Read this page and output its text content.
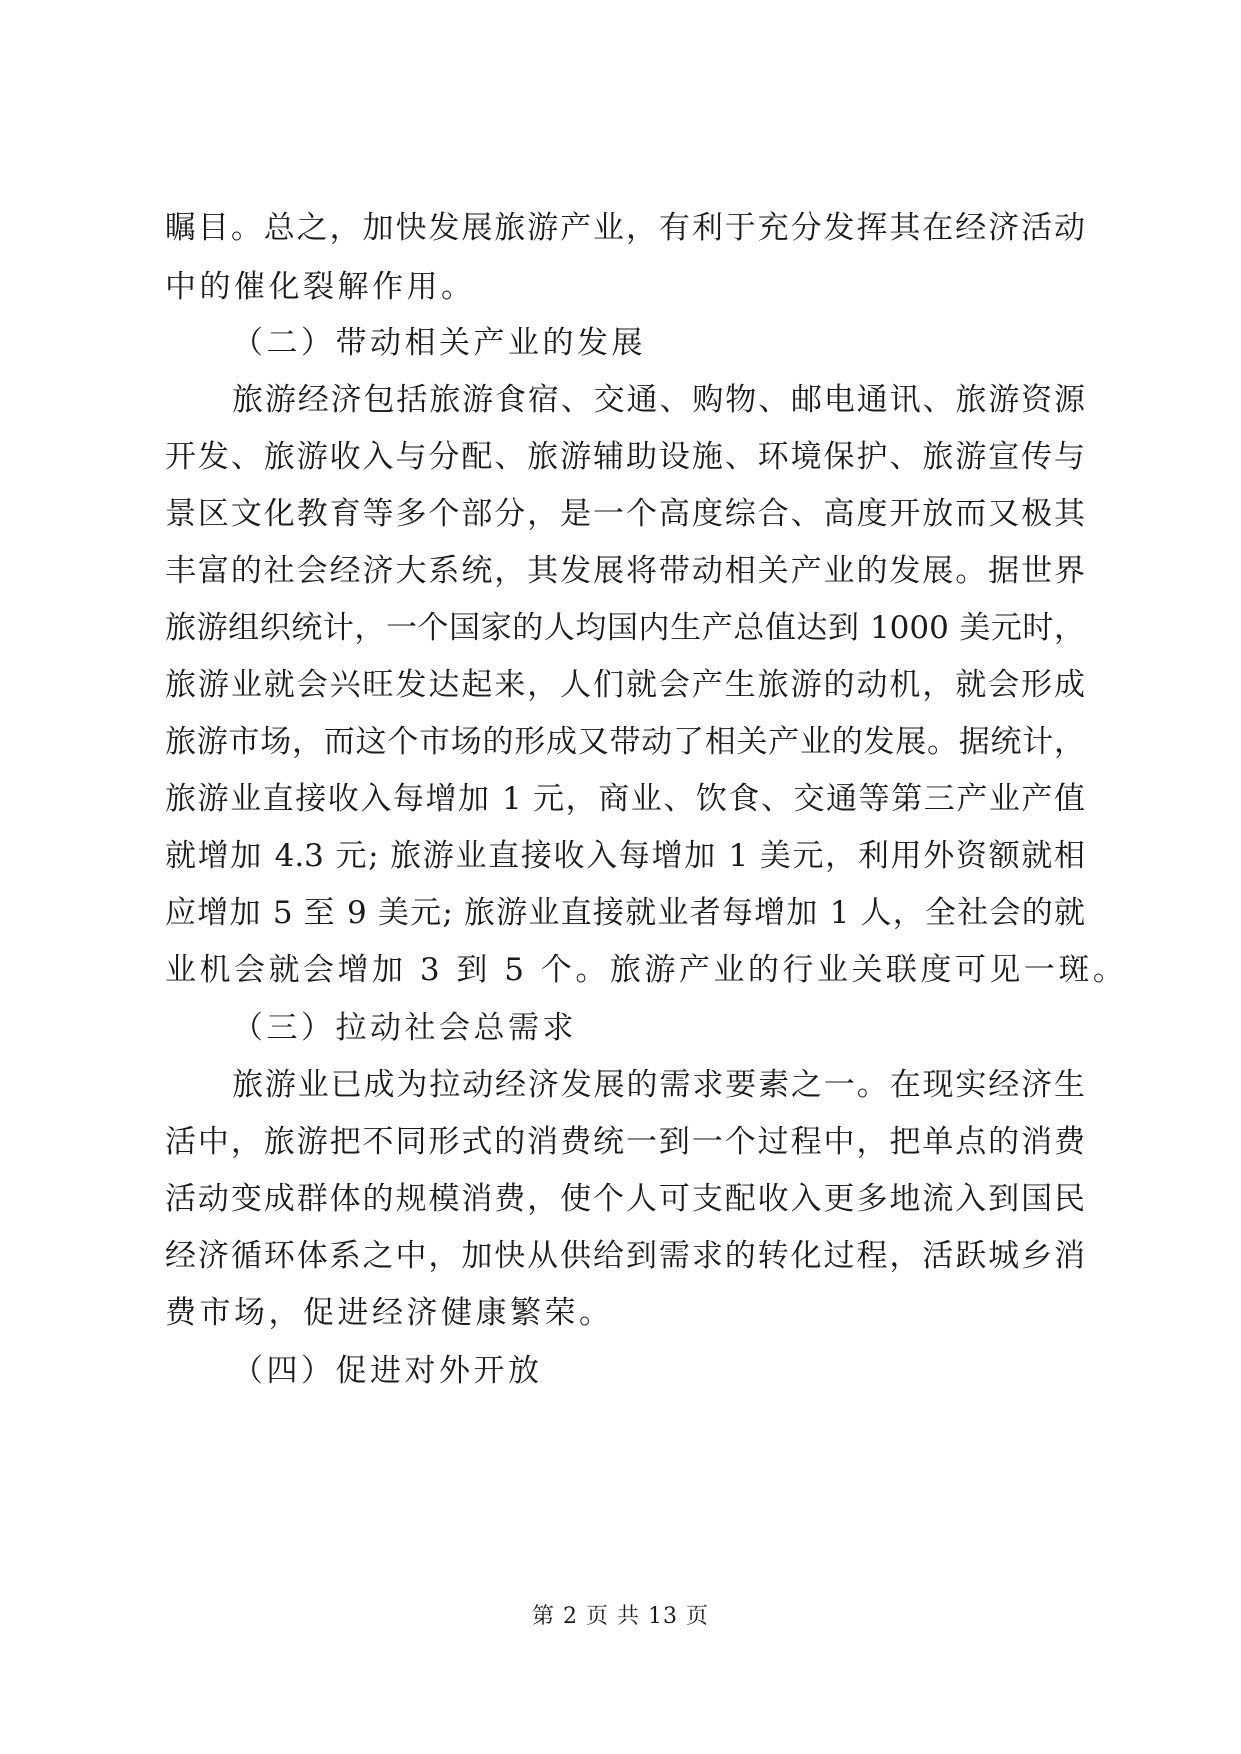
瞩目。总之，加快发展旅游产业，有利于充分发挥其在经济活动
中的催化裂解作用。
（二）带动相关产业的发展
旅游经济包括旅游食宿、交通、购物、邮电通讯、旅游资源
开发、旅游收入与分配、旅游辅助设施、环境保护、旅游宣传与
景区文化教育等多个部分，是一个高度综合、高度开放而又极其
丰富的社会经济大系统，其发展将带动相关产业的发展。据世界
旅游组织统计，一个国家的人均国内生产总值达到 1000 美元时，
旅游业就会兴旺发达起来，人们就会产生旅游的动机，就会形成
旅游市场，而这个市场的形成又带动了相关产业的发展。据统计，
旅游业直接收入每增加 1 元，商业、饮食、交通等第三产业产值
就增加 4.3 元; 旅游业直接收入每增加 1 美元，利用外资额就相
应增加 5 至 9 美元; 旅游业直接就业者每增加 1 人，全社会的就
业机会就会增加 3 到 5 个。旅游产业的行业关联度可见一斑。
（三）拉动社会总需求
旅游业已成为拉动经济发展的需求要素之一。在现实经济生
活中，旅游把不同形式的消费统一到一个过程中，把单点的消费
活动变成群体的规模消费，使个人可支配收入更多地流入到国民
经济循环体系之中，加快从供给到需求的转化过程，活跃城乡消
费市场，促进经济健康繁荣。
（四）促进对外开放
第 2 页 共 13 页
